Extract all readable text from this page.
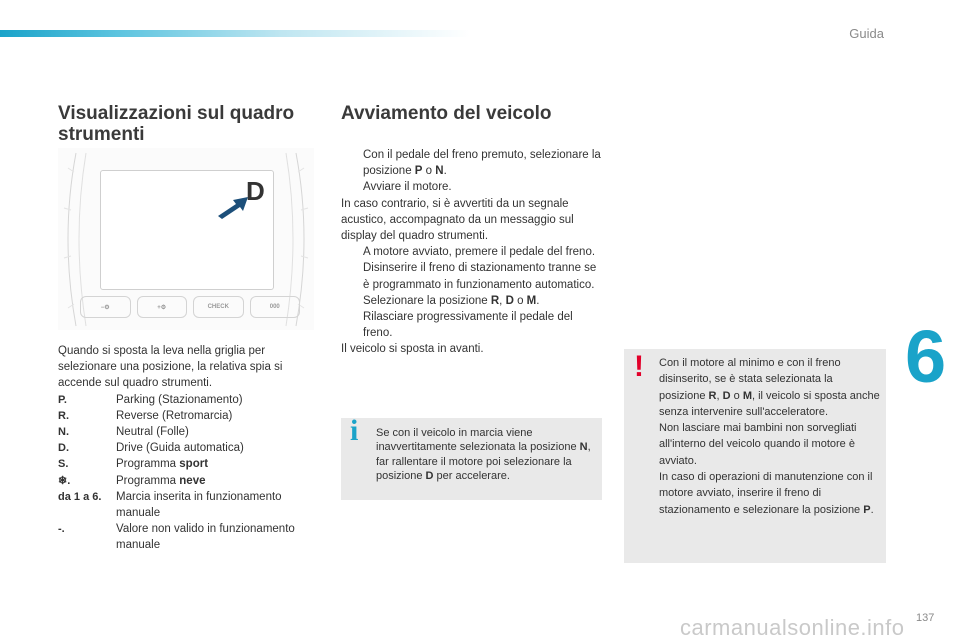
Guida
6
137
carmanualsonline.info
Visualizzazioni sul quadro strumenti
D
−⚙	+⚙	CHECK	000

Quando si sposta la leva nella griglia per selezionare una posizione, la relativa spia si accende sul quadro strumenti.

P.	Parking (Stazionamento)
R.	Reverse (Retromarcia)
N.	Neutral (Folle)
D.	Drive (Guida automatica)
S.	Programma sport
❄.	Programma neve
da 1 a 6.	Marcia inserita in funzionamento manuale
-.	Valore non valido in funzionamento manuale
Avviamento del veicolo
Con il pedale del freno premuto, selezionare la posizione P o N.
Avviare il motore.

In caso contrario, si è avvertiti da un segnale acustico, accompagnato da un messaggio sul display del quadro strumenti.

A motore avviato, premere il pedale del freno.
Disinserire il freno di stazionamento tranne se è programmato in funzionamento automatico.
Selezionare la posizione R, D o M.
Rilasciare progressivamente il pedale del freno.

Il veicolo si sposta in avanti.

i Se con il veicolo in marcia viene inavvertitamente selezionata la posizione N, far rallentare il motore poi selezionare la posizione D per accelerare.
! Con il motore al minimo e con il freno disinserito, se è stata selezionata la posizione R, D o M, il veicolo si sposta anche senza intervenire sull'acceleratore.

Non lasciare mai bambini non sorvegliati all'interno del veicolo quando il motore è avviato.

In caso di operazioni di manutenzione con il motore avviato, inserire il freno di stazionamento e selezionare la posizione P.
